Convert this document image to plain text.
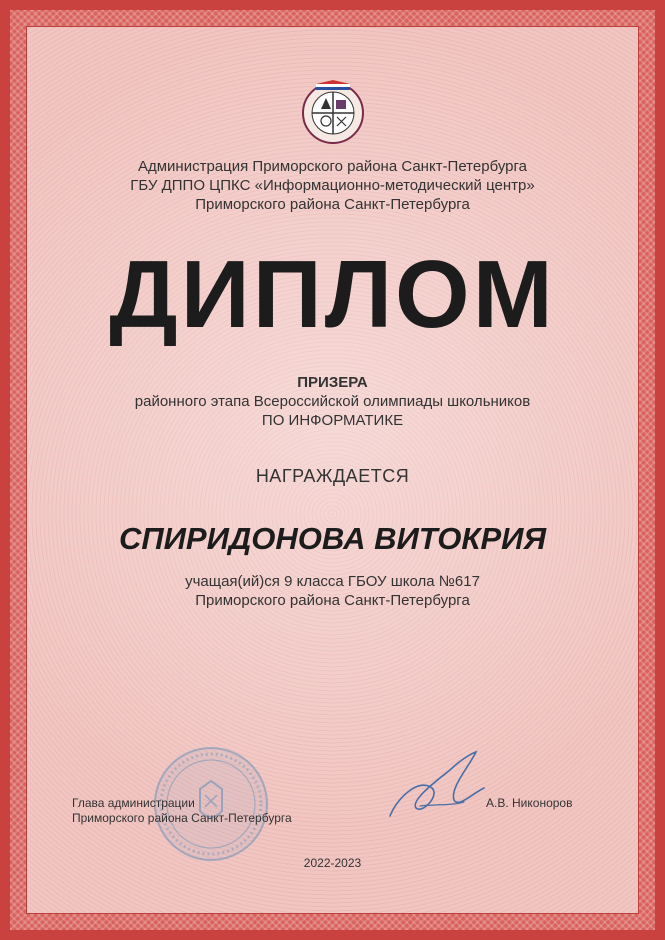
Администрация Приморского района Санкт-Петербурга
ГБУ ДППО ЦПКС «Информационно-методический центр»
Приморского района Санкт-Петербурга
ДИПЛОМ
ПРИЗЕРА
районного этапа Всероссийской олимпиады школьников
ПО ИНФОРМАТИКЕ
НАГРАЖДАЕТСЯ
СПИРИДОНОВА ВИТОКРИЯ
учащая(ий)ся 9 класса ГБОУ школа №617
Приморского района Санкт-Петербурга
Глава администрации
Приморского района Санкт-Петербурга
А.В. Никоноров
2022-2023
